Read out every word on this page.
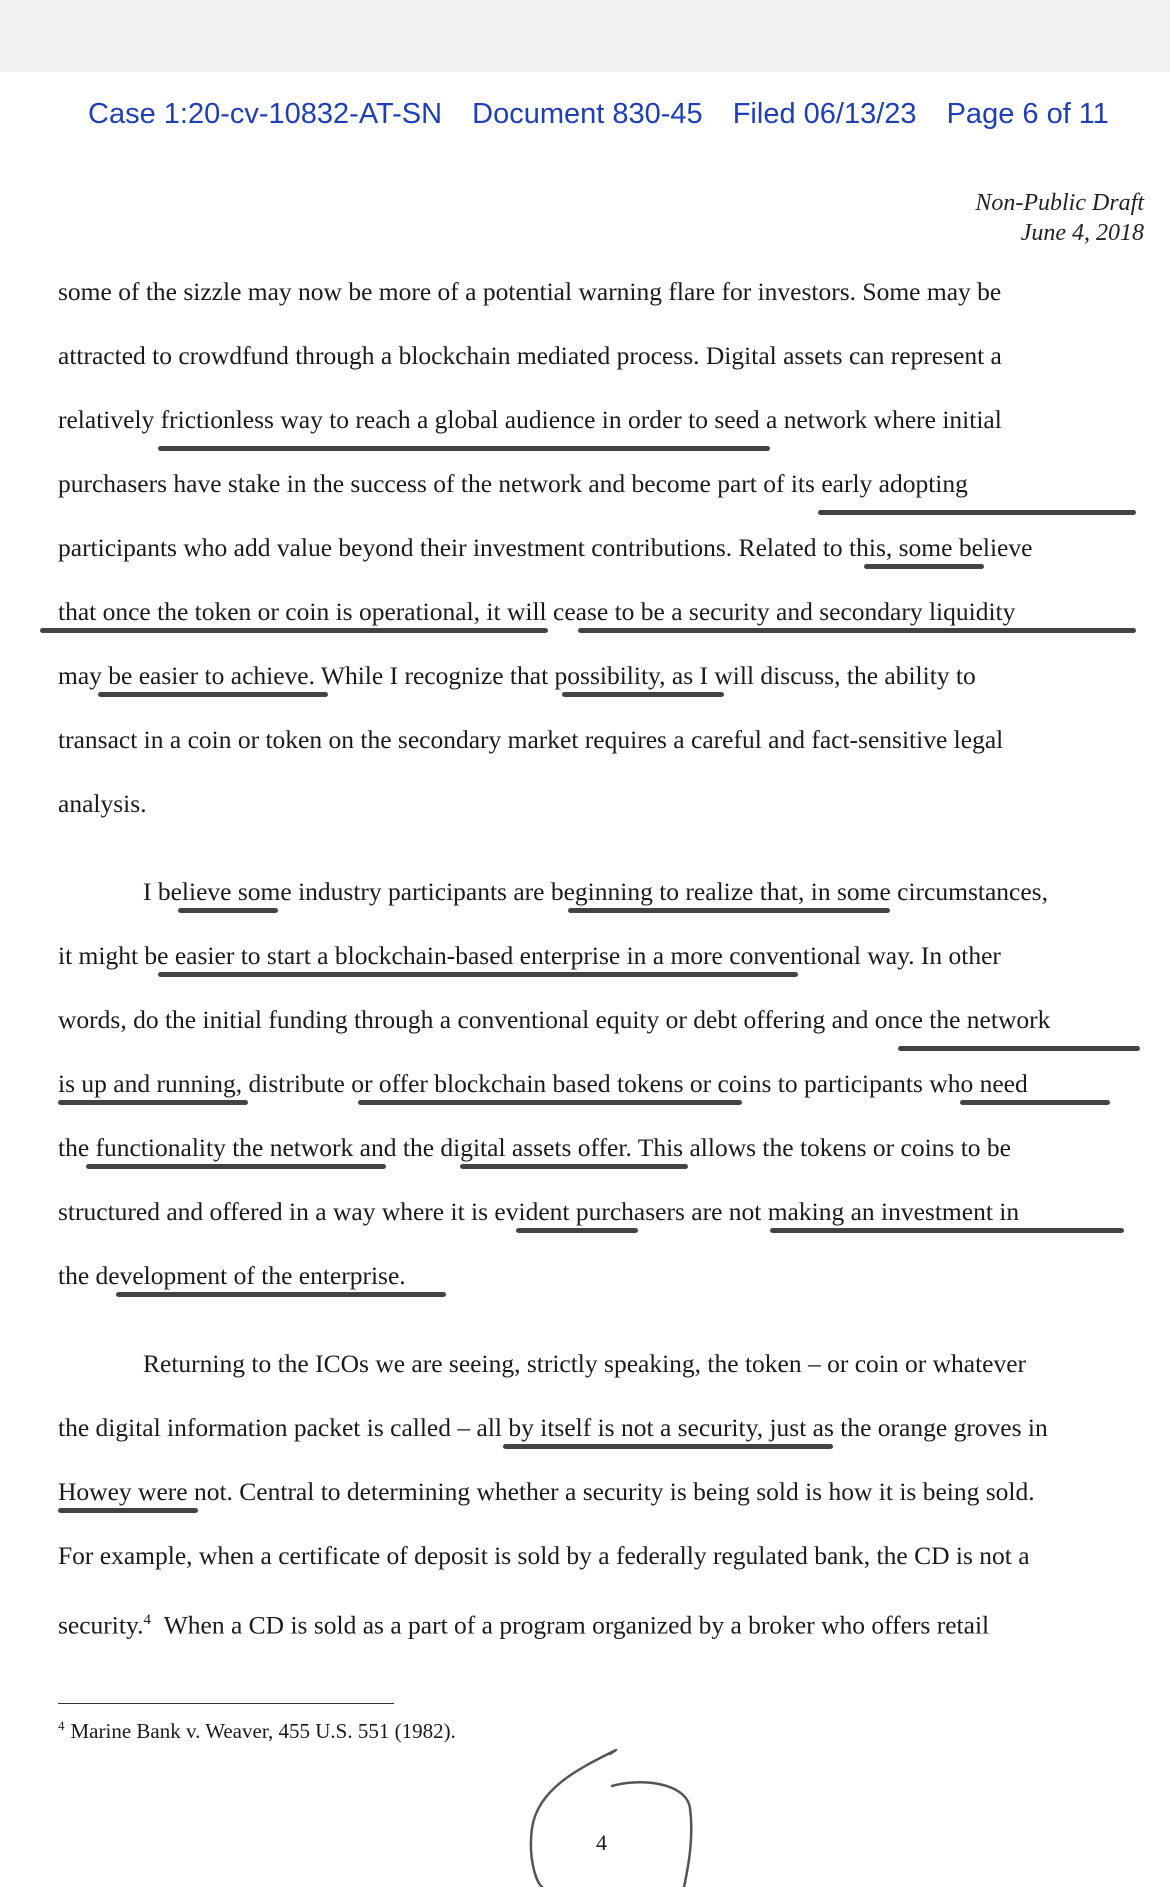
Case 1:20-cv-10832-AT-SN Document 830-45 Filed 06/13/23 Page 6 of 11
Non-Public Draft
June 4, 2018
some of the sizzle may now be more of a potential warning flare for investors. Some may be
attracted to crowdfund through a blockchain mediated process. Digital assets can represent a
relatively frictionless way to reach a global audience in order to seed a network where initial
purchasers have stake in the success of the network and become part of its early adopting
participants who add value beyond their investment contributions. Related to this, some believe
that once the token or coin is operational, it will cease to be a security and secondary liquidity
may be easier to achieve. While I recognize that possibility, as I will discuss, the ability to
transact in a coin or token on the secondary market requires a careful and fact-sensitive legal
analysis.
I believe some industry participants are beginning to realize that, in some circumstances,
it might be easier to start a blockchain-based enterprise in a more conventional way. In other
words, do the initial funding through a conventional equity or debt offering and once the network
is up and running, distribute or offer blockchain based tokens or coins to participants who need
the functionality the network and the digital assets offer. This allows the tokens or coins to be
structured and offered in a way where it is evident purchasers are not making an investment in
the development of the enterprise.
Returning to the ICOs we are seeing, strictly speaking, the token – or coin or whatever
the digital information packet is called – all by itself is not a security, just as the orange groves in
Howey were not. Central to determining whether a security is being sold is how it is being sold.
For example, when a certificate of deposit is sold by a federally regulated bank, the CD is not a
security.$^4$ When a CD is sold as a part of a program organized by a broker who offers retail
$^4$ Marine Bank v. Weaver, 455 U.S. 551 (1982).
4
